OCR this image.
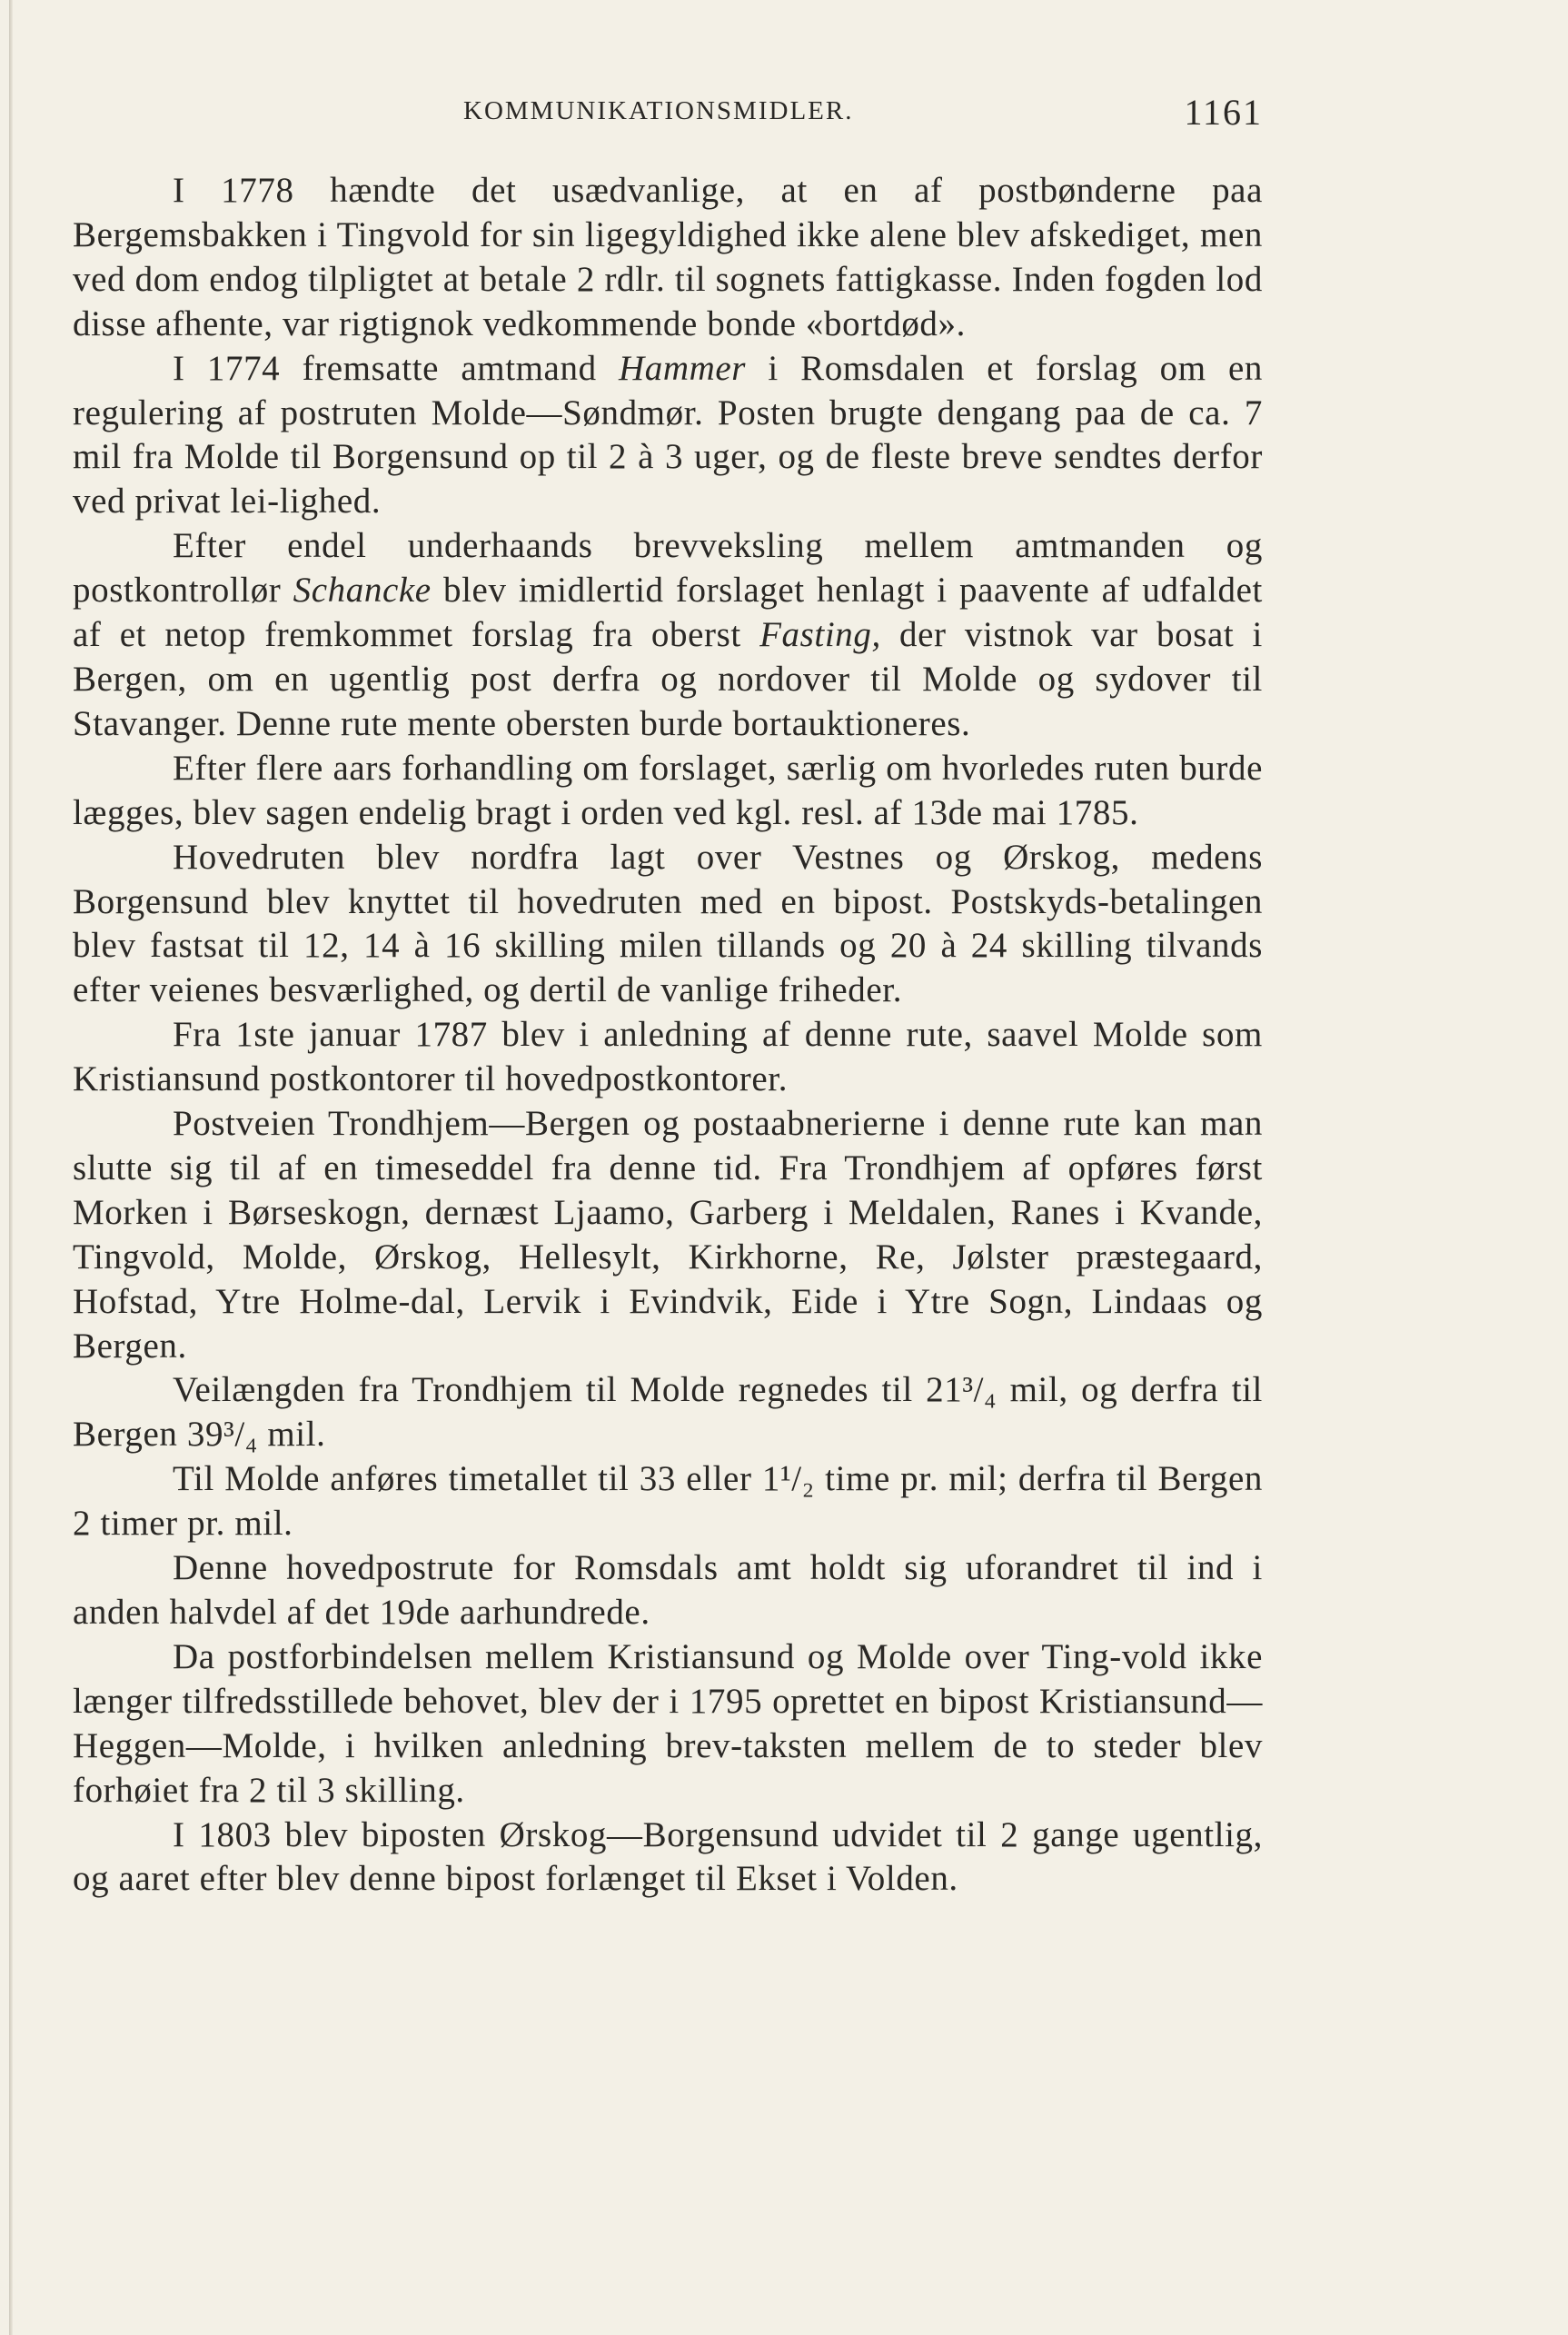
KOMMUNIKATIONSMIDLER.	1161

I 1778 hændte det usædvanlige, at en af postbønderne paa Bergemsbakken i Tingvold for sin ligegyldighed ikke alene blev afskediget, men ved dom endog tilpligtet at betale 2 rdlr. til sognets fattigkasse. Inden fogden lod disse afhente, var rigtignok vedkommende bonde «bortdød».

I 1774 fremsatte amtmand Hammer i Romsdalen et forslag om en regulering af postruten Molde—Søndmør. Posten brugte dengang paa de ca. 7 mil fra Molde til Borgensund op til 2 à 3 uger, og de fleste breve sendtes derfor ved privat lei-lighed.

Efter endel underhaands brevveksling mellem amtmanden og postkontrollør Schancke blev imidlertid forslaget henlagt i paavente af udfaldet af et netop fremkommet forslag fra oberst Fasting, der vistnok var bosat i Bergen, om en ugentlig post derfra og nordover til Molde og sydover til Stavanger. Denne rute mente obersten burde bortauktioneres.

Efter flere aars forhandling om forslaget, særlig om hvorledes ruten burde lægges, blev sagen endelig bragt i orden ved kgl. resl. af 13de mai 1785.

Hovedruten blev nordfra lagt over Vestnes og Ørskog, medens Borgensund blev knyttet til hovedruten med en bipost. Postskyds-betalingen blev fastsat til 12, 14 à 16 skilling milen tillands og 20 à 24 skilling tilvands efter veienes besværlighed, og dertil de vanlige friheder.

Fra 1ste januar 1787 blev i anledning af denne rute, saavel Molde som Kristiansund postkontorer til hovedpostkontorer.

Postveien Trondhjem—Bergen og postaabnerierne i denne rute kan man slutte sig til af en timeseddel fra denne tid. Fra Trondhjem af opføres først Morken i Børseskogn, dernæst Ljaamo, Garberg i Meldalen, Ranes i Kvande, Tingvold, Molde, Ørskog, Hellesylt, Kirkhorne, Re, Jølster præstegaard, Hofstad, Ytre Holme-dal, Lervik i Evindvik, Eide i Ytre Sogn, Lindaas og Bergen.

Veilængden fra Trondhjem til Molde regnedes til 21³/₄ mil, og derfra til Bergen 39³/₄ mil.

Til Molde anføres timetallet til 33 eller 1¹/₂ time pr. mil; derfra til Bergen 2 timer pr. mil.

Denne hovedpostrute for Romsdals amt holdt sig uforandret til ind i anden halvdel af det 19de aarhundrede.

Da postforbindelsen mellem Kristiansund og Molde over Ting-vold ikke længer tilfredsstillede behovet, blev der i 1795 oprettet en bipost Kristiansund—Heggen—Molde, i hvilken anledning brev-taksten mellem de to steder blev forhøiet fra 2 til 3 skilling.

I 1803 blev biposten Ørskog—Borgensund udvidet til 2 gange ugentlig, og aaret efter blev denne bipost forlænget til Ekset i Volden.
